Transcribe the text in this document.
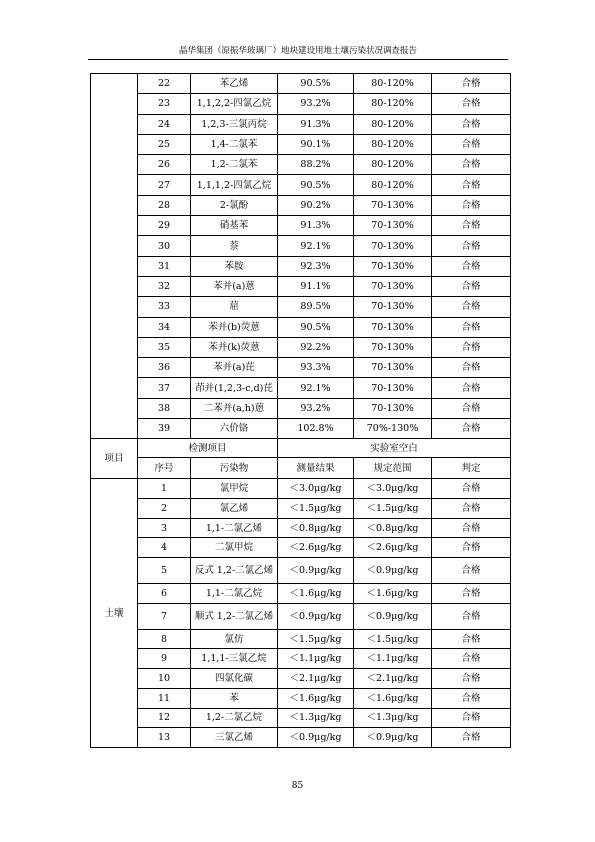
晶华集团（原振华玻璃厂）地块建设用地土壤污染状况调查报告
	22	苯乙烯	90.5%	80-120%	合格
	23	1,1,2,2-四氯乙烷	93.2%	80-120%	合格
	24	1,2,3-三氯丙烷	91.3%	80-120%	合格
	25	1,4-二氯苯	90.1%	80-120%	合格
	26	1,2-二氯苯	88.2%	80-120%	合格
	27	1,1,1,2-四氯乙烷	90.5%	80-120%	合格
	28	2-氯酚	90.2%	70-130%	合格
	29	硝基苯	91.3%	70-130%	合格
	30	萘	92.1%	70-130%	合格
	31	苯胺	92.3%	70-130%	合格
	32	苯并(a)蒽	91.1%	70-130%	合格
	33	䓛	89.5%	70-130%	合格
	34	苯并(b)荧蒽	90.5%	70-130%	合格
	35	苯并(k)荧蒽	92.2%	70-130%	合格
	36	苯并(a)芘	93.3%	70-130%	合格
	37	茚并(1,2,3-c,d)芘	92.1%	70-130%	合格
	38	二苯并(a,h)蒽	93.2%	70-130%	合格
	39	六价铬	102.8%	70%-130%	合格
项目	检测项目		实验室空白		
	序号	污染物	测量结果	规定范围	判定
土壤	1	氯甲烷	＜3.0μg/kg	＜3.0μg/kg	合格
	2	氯乙烯	＜1.5μg/kg	＜1.5μg/kg	合格
	3	1,1-二氯乙烯	＜0.8μg/kg	＜0.8μg/kg	合格
	4	二氯甲烷	＜2.6μg/kg	＜2.6μg/kg	合格
	5	反式 1,2-二氯乙烯	＜0.9μg/kg	＜0.9μg/kg	合格
	6	1,1-二氯乙烷	＜1.6μg/kg	＜1.6μg/kg	合格
	7	顺式 1,2-二氯乙烯	＜0.9μg/kg	＜0.9μg/kg	合格
	8	氯仿	＜1.5μg/kg	＜1.5μg/kg	合格
	9	1,1,1-三氯乙烷	＜1.1μg/kg	＜1.1μg/kg	合格
	10	四氯化碳	＜2.1μg/kg	＜2.1μg/kg	合格
	11	苯	＜1.6μg/kg	＜1.6μg/kg	合格
	12	1,2-二氯乙烷	＜1.3μg/kg	＜1.3μg/kg	合格
	13	三氯乙烯	＜0.9μg/kg	＜0.9μg/kg	合格
85
